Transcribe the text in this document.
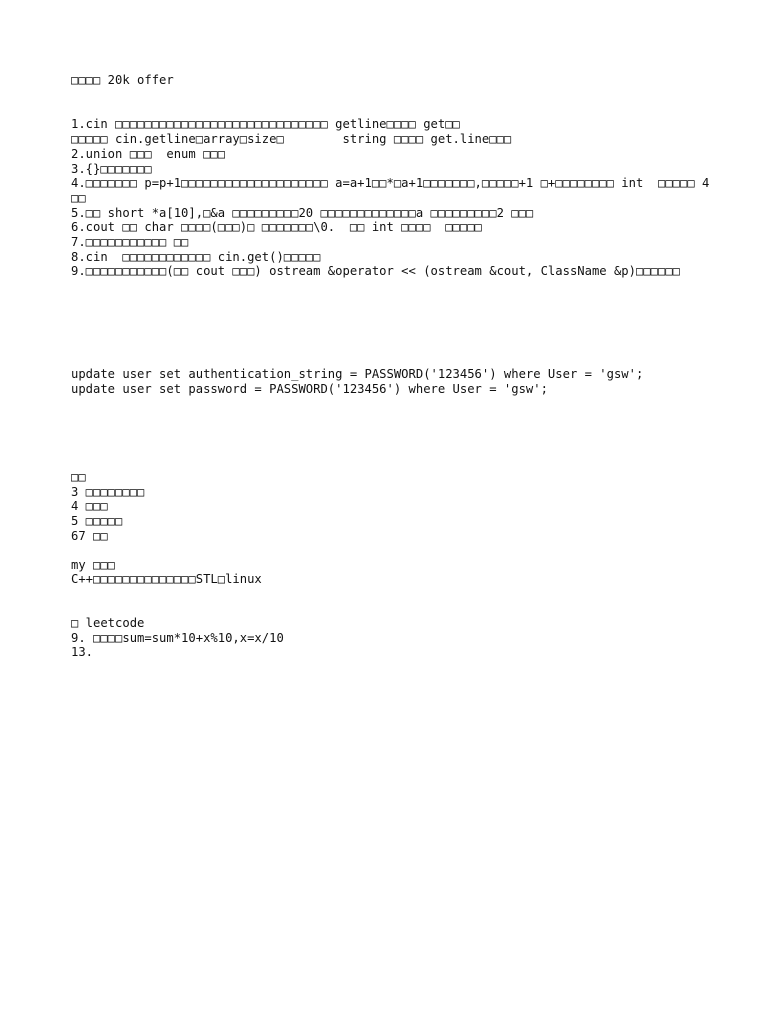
□□□□ 20k offer
1.cin □□□□□□□□□□□□□□□□□□□□□□□□□□□□□ getline□□□□ get□□
□□□□□ cin.getline□array□size□        string □□□□ get.line□□□
2.union □□□  enum □□□
3.{}□□□□□□□
4.□□□□□□□ p=p+1□□□□□□□□□□□□□□□□□□□□ a=a+1□□*□a+1□□□□□□□,□□□□□+1 □+□□□□□□□□ int  □□□□□ 4
□□
5.□□ short *a[10],□&a □□□□□□□□□20 □□□□□□□□□□□□□a □□□□□□□□□2 □□□
6.cout □□ char □□□□(□□□)□ □□□□□□□\0.  □□ int □□□□  □□□□□
7.□□□□□□□□□□□ □□
8.cin  □□□□□□□□□□□□ cin.get()□□□□□
9.□□□□□□□□□□□(□□ cout □□□) ostream &operator << (ostream &cout, ClassName &p)□□□□□□
update user set authentication_string = PASSWORD('123456') where User = 'gsw';
update user set password = PASSWORD('123456') where User = 'gsw';
□□
3 □□□□□□□□
4 □□□
5 □□□□□
67 □□
my □□□
C++□□□□□□□□□□□□□□STL□linux
□ leetcode
9. □□□□sum=sum*10+x%10,x=x/10
13.
